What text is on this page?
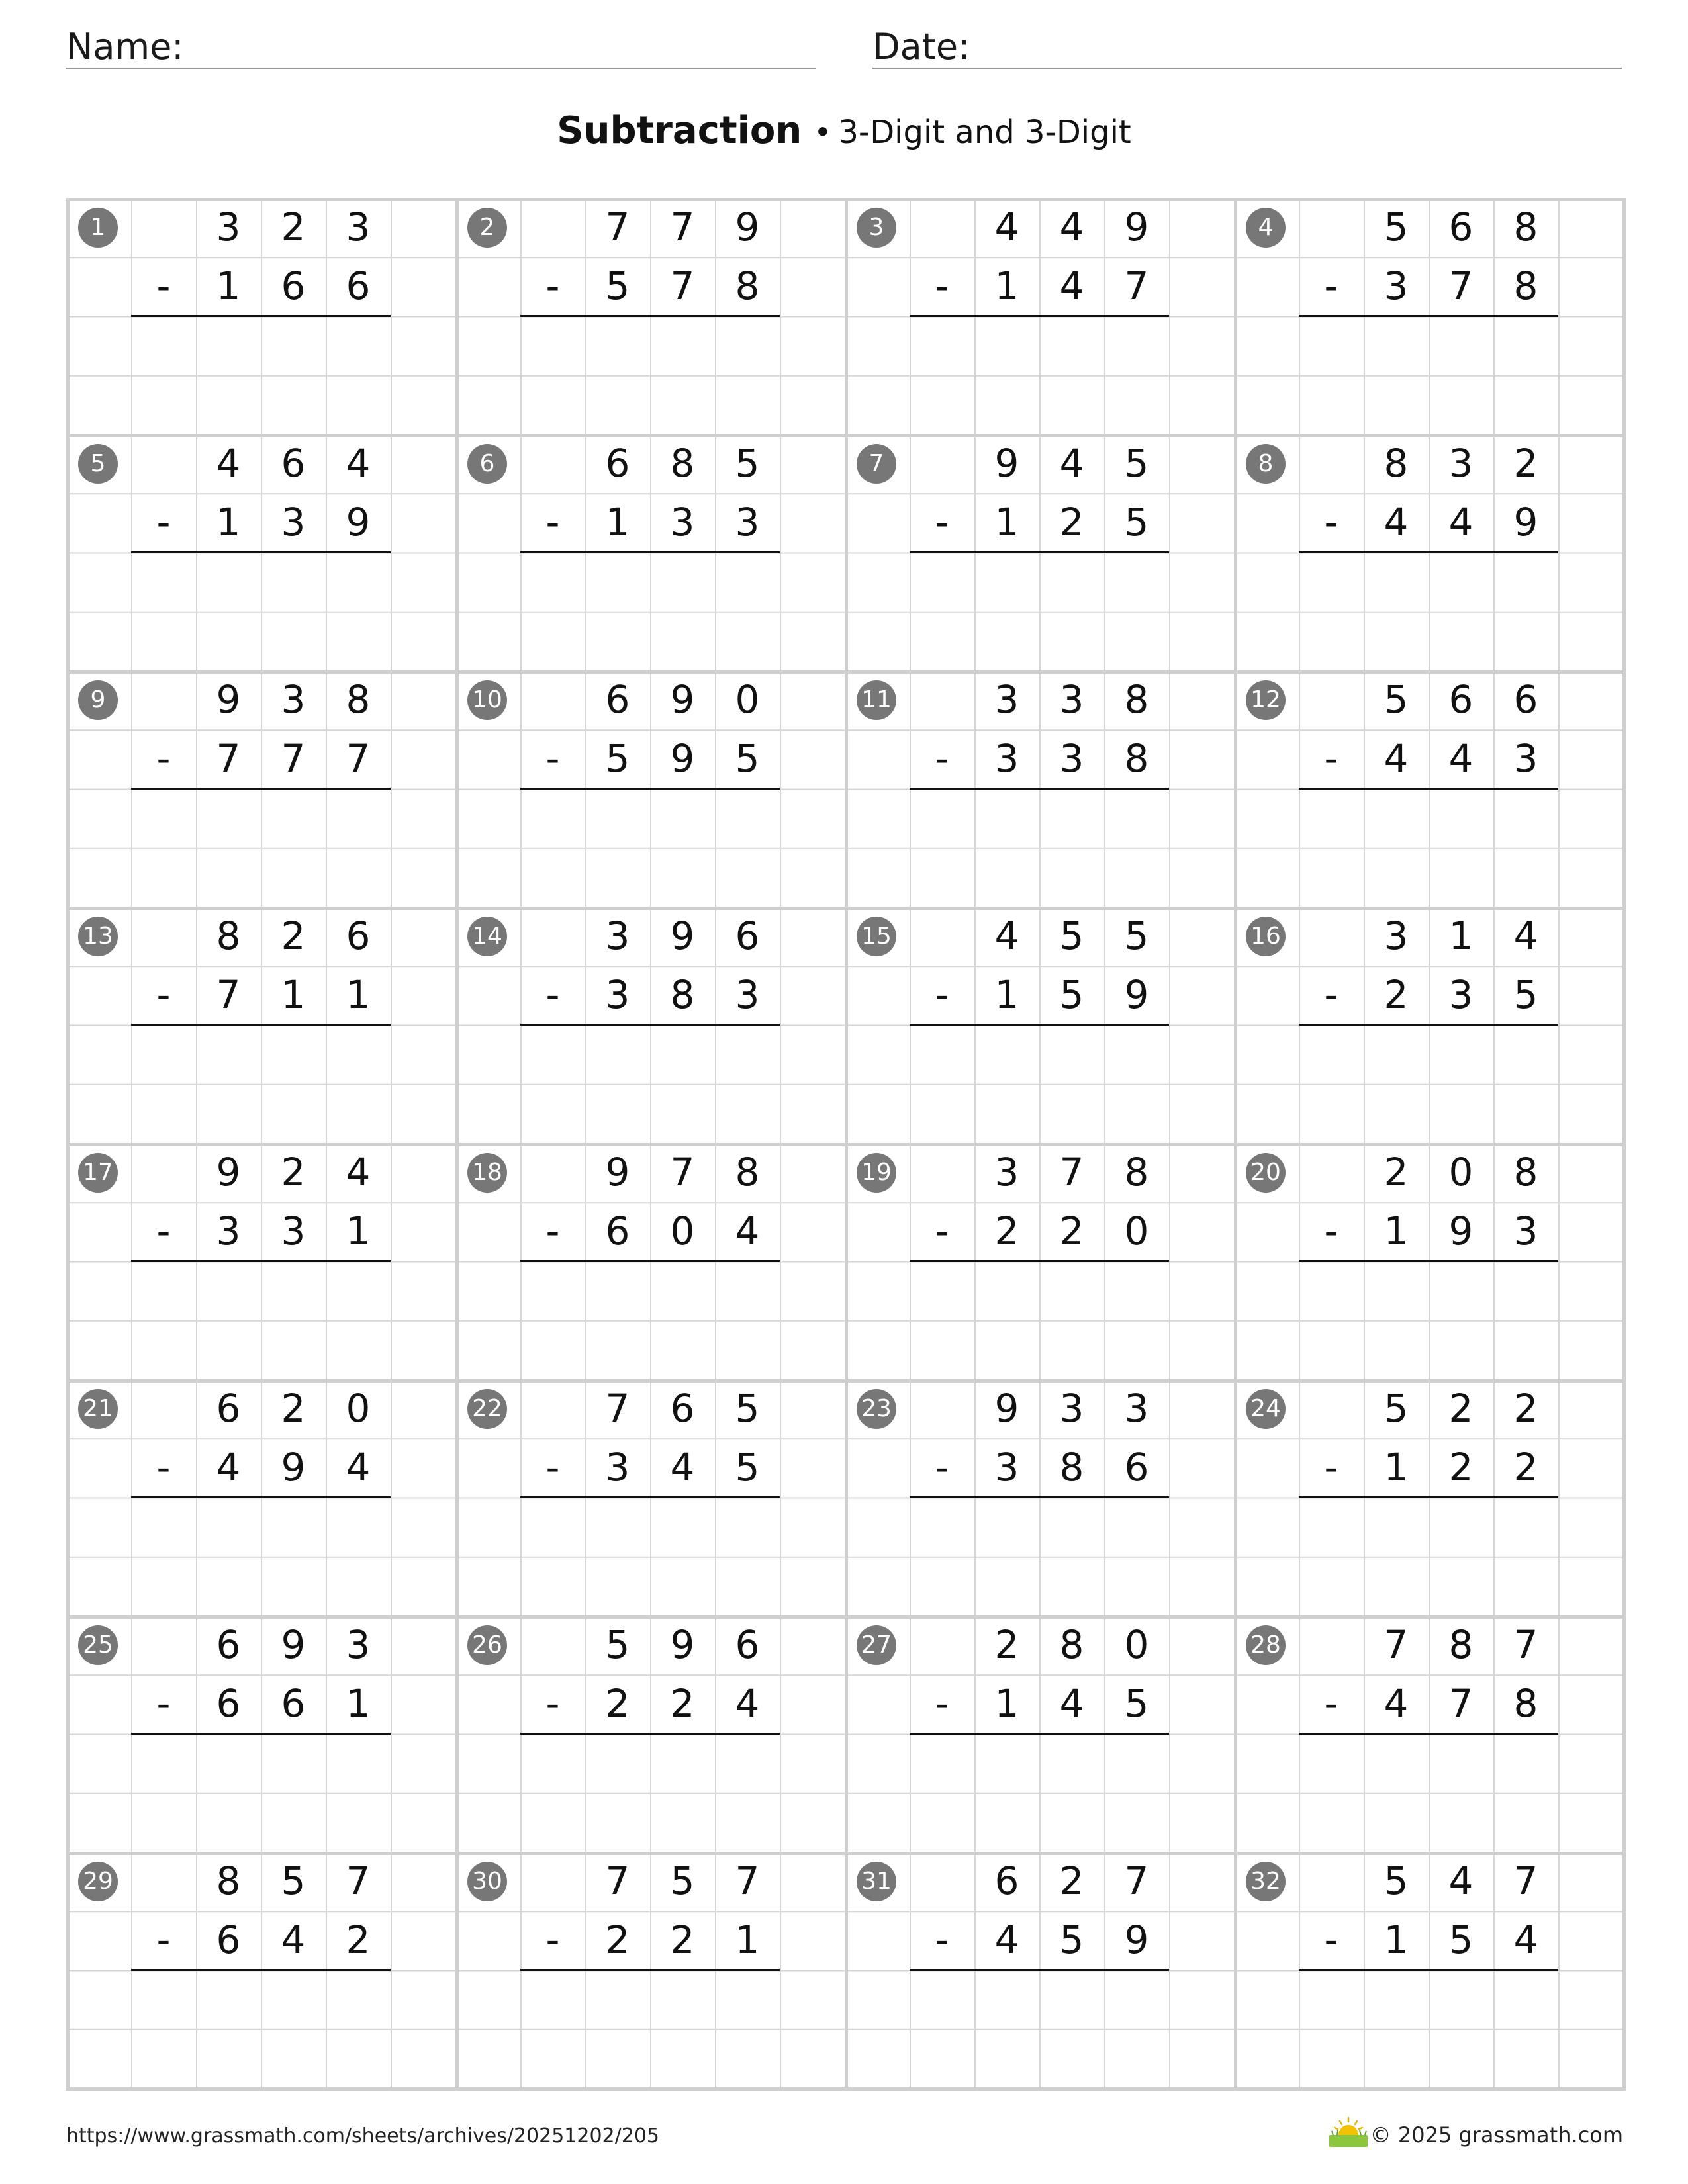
Name:	Date:
Subtraction • 3-Digit and 3-Digit
1	3	2	3
-	1	6	6
2	7	7	9
-	5	7	8
3	4	4	9
-	1	4	7
4	5	6	8
-	3	7	8
5	4	6	4
-	1	3	9
6	6	8	5
-	1	3	3
7	9	4	5
-	1	2	5
8	8	3	2
-	4	4	9
9	9	3	8
-	7	7	7
10	6	9	0
-	5	9	5
11	3	3	8
-	3	3	8
12	5	6	6
-	4	4	3
13	8	2	6
-	7	1	1
14	3	9	6
-	3	8	3
15	4	5	5
-	1	5	9
16	3	1	4
-	2	3	5
17	9	2	4
-	3	3	1
18	9	7	8
-	6	0	4
19	3	7	8
-	2	2	0
20	2	0	8
-	1	9	3
21	6	2	0
-	4	9	4
22	7	6	5
-	3	4	5
23	9	3	3
-	3	8	6
24	5	2	2
-	1	2	2
25	6	9	3
-	6	6	1
26	5	9	6
-	2	2	4
27	2	8	0
-	1	4	5
28	7	8	7
-	4	7	8
29	8	5	7
-	6	4	2
30	7	5	7
-	2	2	1
31	6	2	7
-	4	5	9
32	5	4	7
-	1	5	4
https://www.grassmath.com/sheets/archives/20251202/205	© 2025 grassmath.com
